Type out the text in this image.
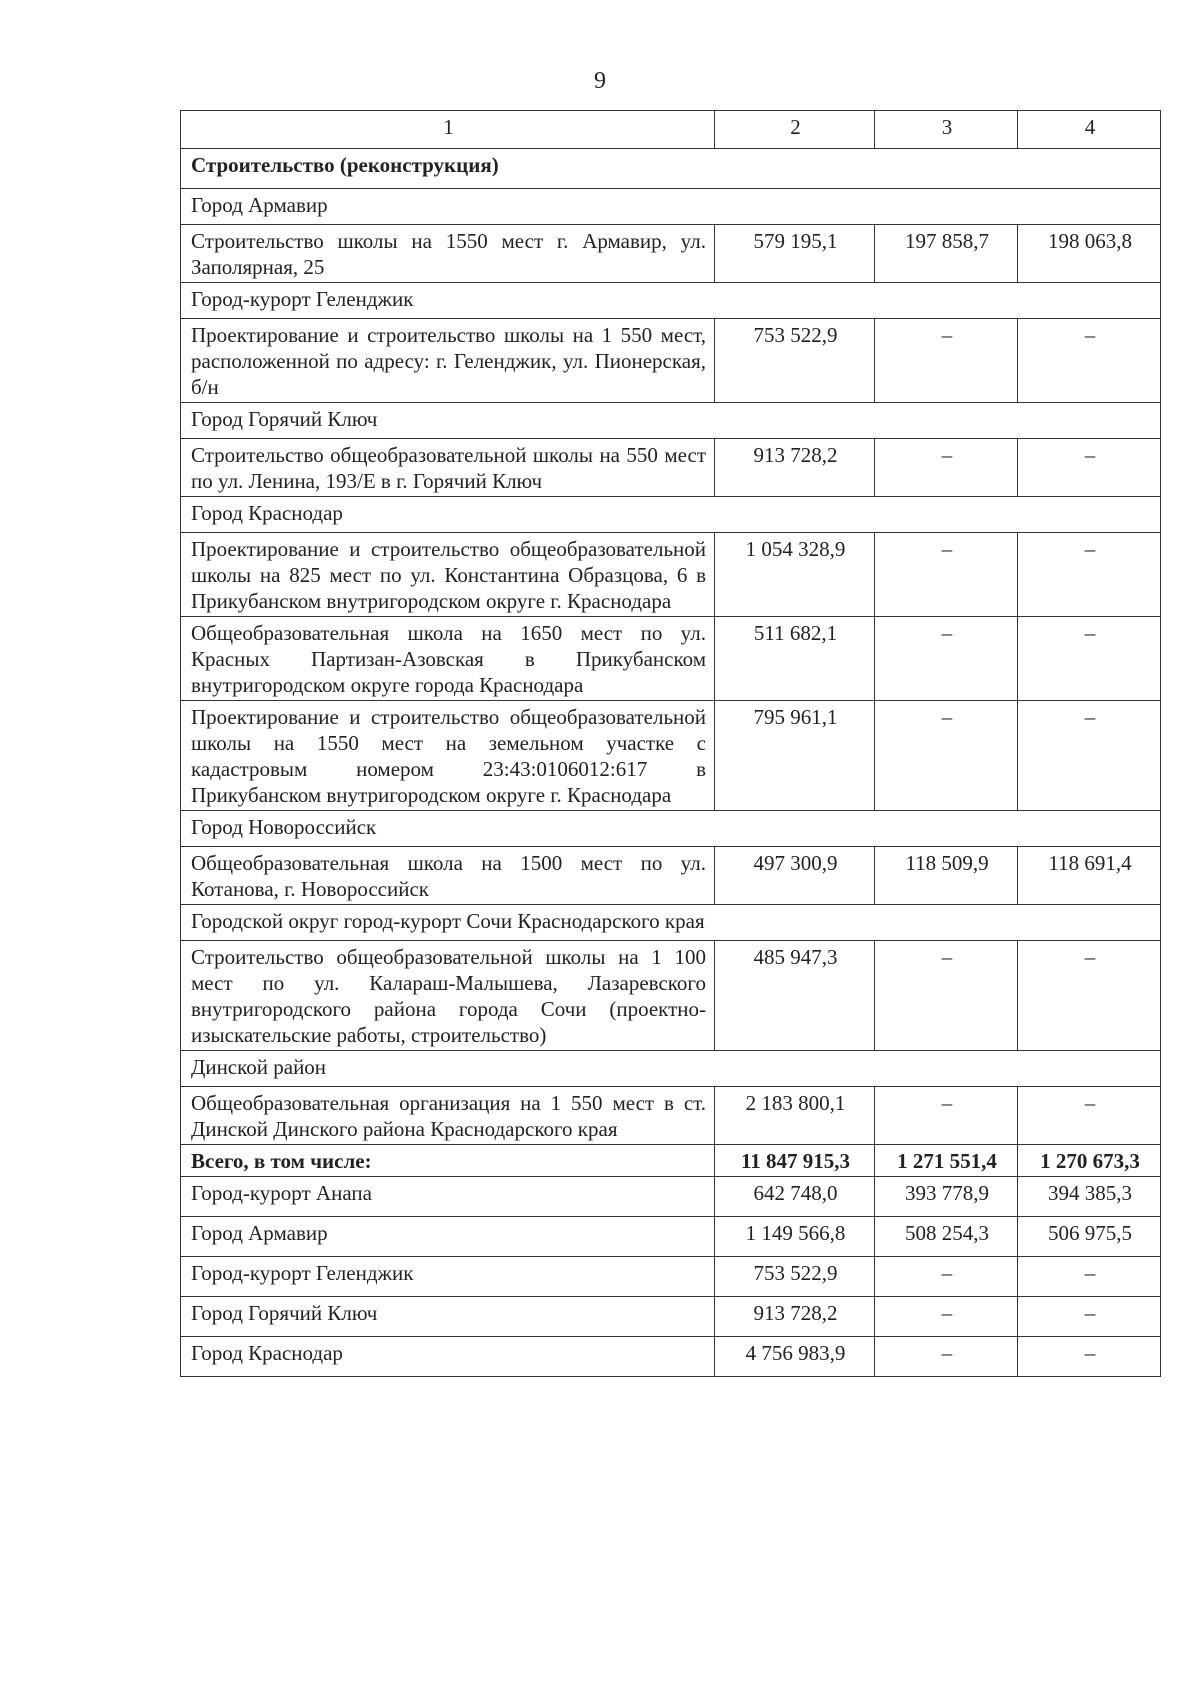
9
1	2	3	4
Строительство (реконструкция)			
Город Армавир			
Строительство школы на 1550 мест г. Армавир, ул. Заполярная, 25	579 195,1	197 858,7	198 063,8
Город-курорт Геленджик			
Проектирование и строительство школы на 1 550 мест, расположенной по адресу: г. Геленджик, ул. Пионерская, б/н	753 522,9	–	–
Город Горячий Ключ			
Строительство общеобразовательной школы на 550 мест по ул. Ленина, 193/Е в г. Горячий Ключ	913 728,2	–	–
Город Краснодар			
Проектирование и строительство общеобразовательной школы на 825 мест по ул. Константина Образцова, 6 в Прикубанском внутригородском округе г. Краснодара	1 054 328,9	–	–
Общеобразовательная школа на 1650 мест по ул. Красных Партизан-Азовская в Прикубанском внутригородском округе города Краснодара	511 682,1	–	–
Проектирование и строительство общеобразовательной школы на 1550 мест на земельном участке с кадастровым номером 23:43:0106012:617 в Прикубанском внутригородском округе г. Краснодара	795 961,1	–	–
Город Новороссийск			
Общеобразовательная школа на 1500 мест по ул. Котанова, г. Новороссийск	497 300,9	118 509,9	118 691,4
Городской округ город-курорт Сочи Краснодарского края			
Строительство общеобразовательной школы на 1 100 мест по ул. Калараш-Малышева, Лазаревского внутригородского района города Сочи (проектно-изыскательские работы, строительство)	485 947,3	–	–
Динской район			
Общеобразовательная организация на 1 550 мест в ст. Динской Динского района Краснодарского края	2 183 800,1	–	–
Всего, в том числе:	11 847 915,3	1 271 551,4	1 270 673,3
Город-курорт Анапа	642 748,0	393 778,9	394 385,3
Город Армавир	1 149 566,8	508 254,3	506 975,5
Город-курорт Геленджик	753 522,9	–	–
Город Горячий Ключ	913 728,2	–	–
Город Краснодар	4 756 983,9	–	–
